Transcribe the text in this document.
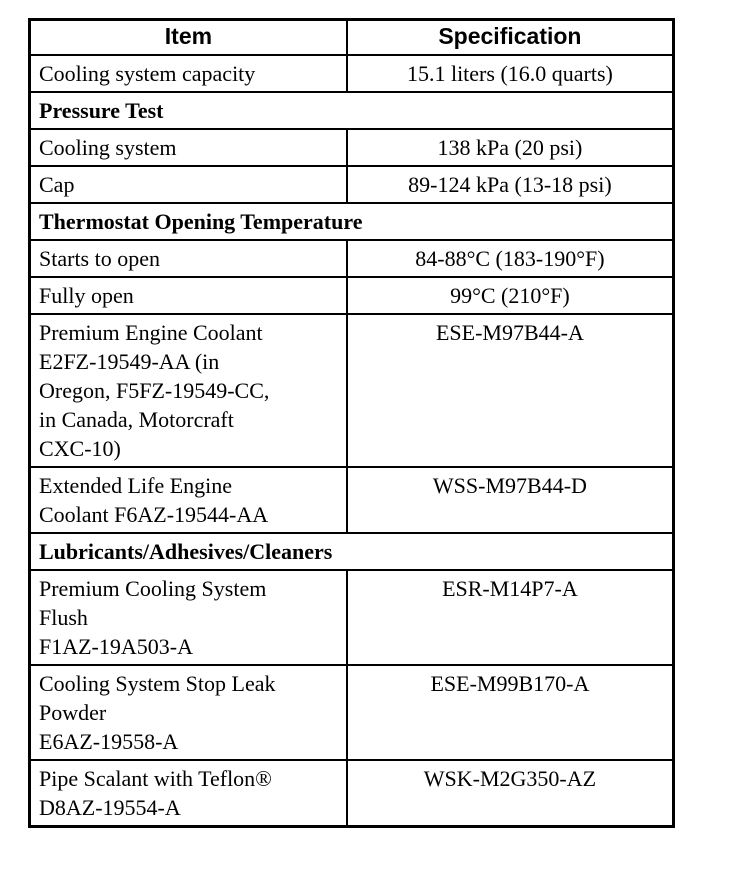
Item	Specification

Cooling system capacity	15.1 liters (16.0 quarts)
Pressure Test	

Cooling system	138 kPa (20 psi)

Cap	89-124 kPa (13-18 psi)
Thermostat Opening Temperature	

Starts to open	84-88°C (183-190°F)

Fully open	99°C (210°F)

Premium Engine Coolant
E2FZ-19549-AA (in
Oregon, F5FZ-19549-CC,
in Canada, Motorcraft
CXC-10)	ESE-M97B44-A

Extended Life Engine
Coolant F6AZ-19544-AA	WSS-M97B44-D
Lubricants/Adhesives/Cleaners	

Premium Cooling System
Flush
F1AZ-19A503-A	ESR-M14P7-A

Cooling System Stop Leak
Powder
E6AZ-19558-A	ESE-M99B170-A

Pipe Scalant with Teflon®
D8AZ-19554-A	WSK-M2G350-AZ
